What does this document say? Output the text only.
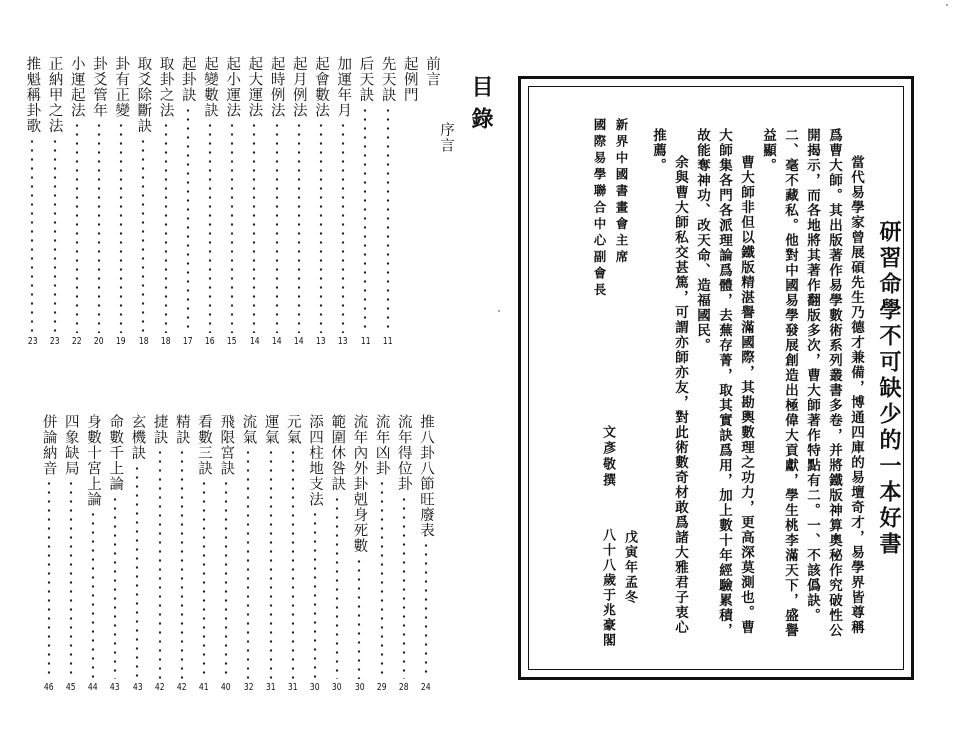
目錄
前言
起例門
先天訣
11
后天訣
11
加運年月
13
起會數法
13
起月例法
14
起時例法
14
起大運法
14
起小運法
15
起變數訣
16
起卦訣
17
取卦之法
18
取爻除斷訣
18
卦有正變
19
卦爻管年
20
小運起法
22
正納甲之法
23
推魁稱卦歌
23
推八卦八節旺廢表
24
流年得位卦
28
流年凶卦
29
流年內外卦剋身死數
30
範圍休咎訣
30
添四柱地支法
30
元氣
31
運氣
31
流氣
32
飛限宮訣
40
看數三訣
41
精訣
42
捷訣
42
玄機訣
43
命數千上論
43
身數十宮上論
44
四象缺局
45
併論納音
46
序言
研習命學不可缺少的一本好書

當代易學家曾展碩先生乃德才兼備，博通四庫的易壇奇才，易學界皆尊稱爲曹大師。其出版著作易學數術系列叢書多卷，并將鐵版神算奧秘作究破性公開揭示，而各地將其著作翻版多次，曹大師著作特點有二。一、不該僞訣。二、毫不藏私。他對中國易學發展創造出極偉大貢獻，學生桃李滿天下，盛譽益顯。

曹大師非但以鐵版精湛譽滿國際，其勘輿數理之功力，更高深莫測也。曹大師集各門各派理論爲體，去蕪存菁，取其實訣爲用，加上數十年經驗累積，故能奪神功、改天命、造福國民。

余與曹大師私交甚篤，可謂亦師亦友，對此術數奇材敢爲諸大雅君子衷心推薦。

文彥敬撰
戊寅年孟冬
八十八歲于兆豪閣
新界中國書畫會主席
國際易學聯合中心副會長
